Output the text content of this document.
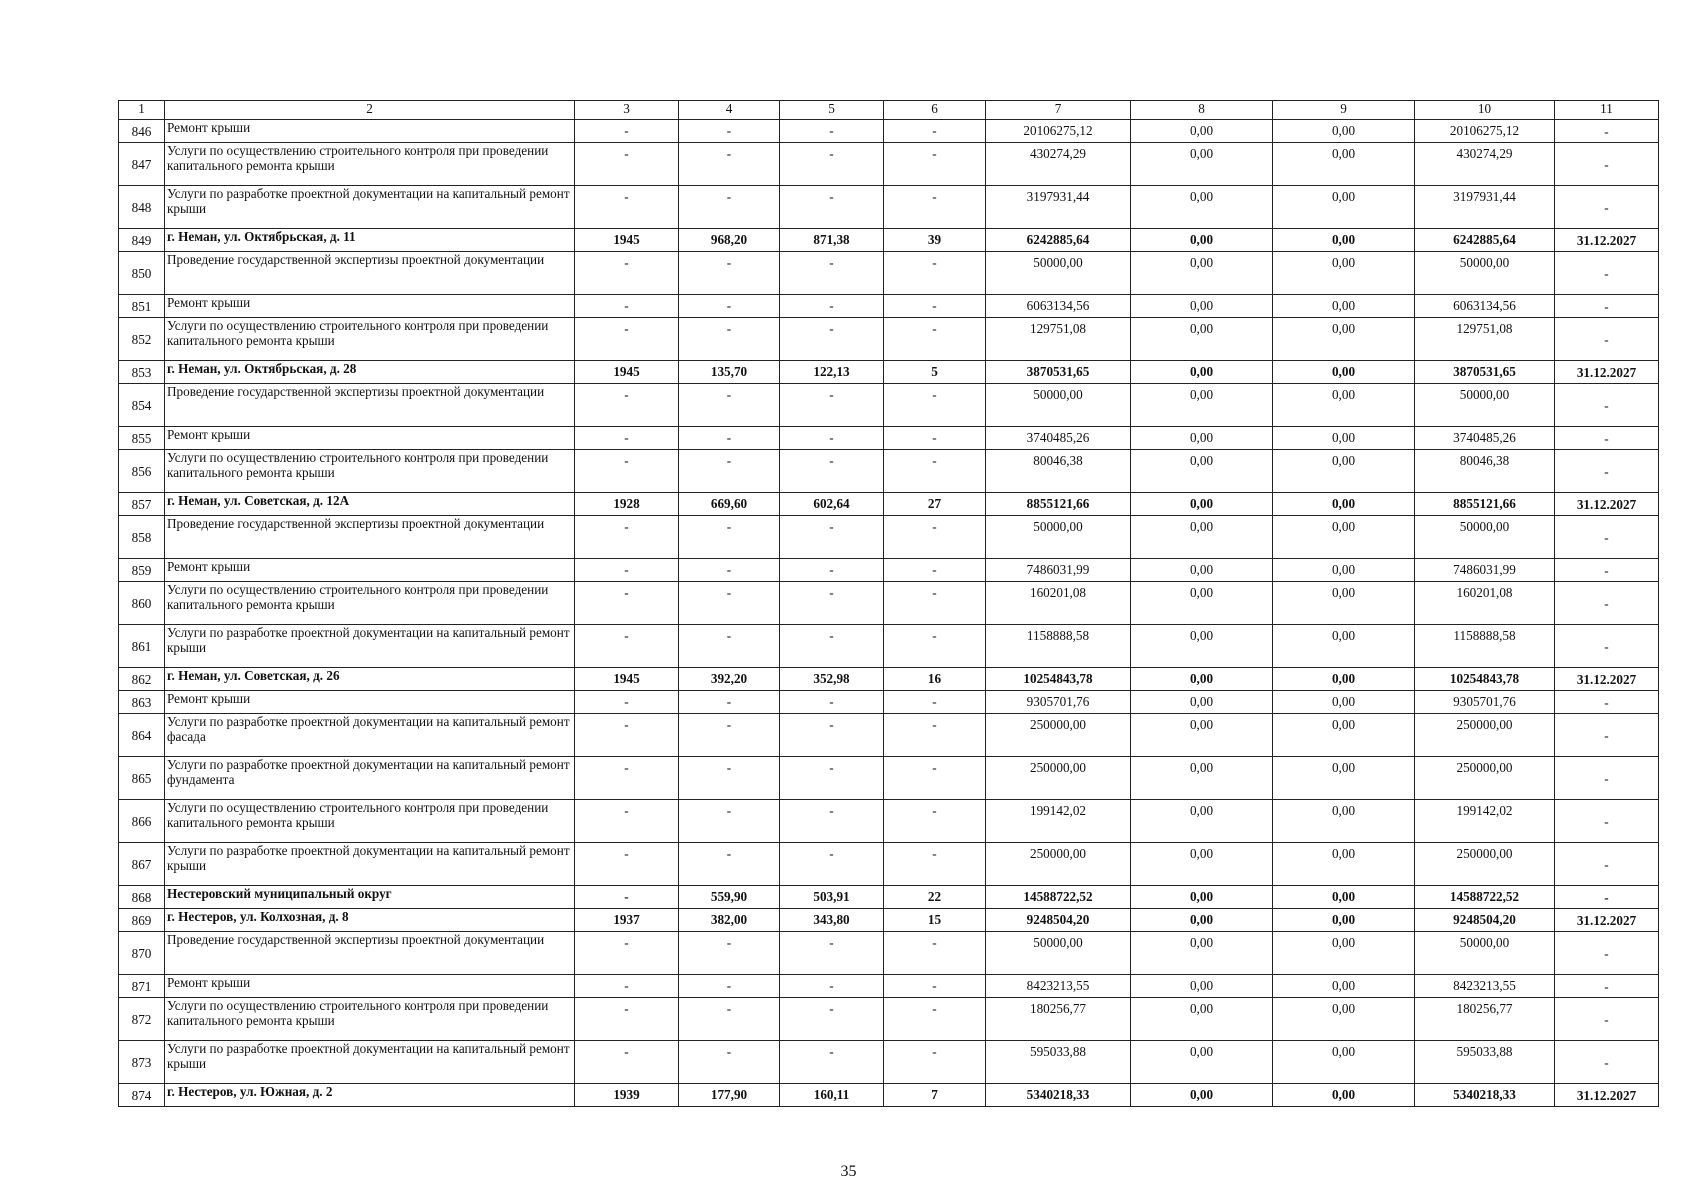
1	2	3	4	5	6	7	8	9	10	11
846	Ремонт крыши	-	-	-	-	20106275,12	0,00	0,00	20106275,12	-
847	Услуги по осуществлению строительного контроля при проведении капитального ремонта крыши	-	-	-	-	430274,29	0,00	0,00	430274,29	-
848	Услуги по разработке проектной документации на капитальный ремонт крыши	-	-	-	-	3197931,44	0,00	0,00	3197931,44	-
849	г. Неман, ул. Октябрьская, д. 11	1945	968,20	871,38	39	6242885,64	0,00	0,00	6242885,64	31.12.2027
850	Проведение государственной экспертизы проектной документации	-	-	-	-	50000,00	0,00	0,00	50000,00	-
851	Ремонт крыши	-	-	-	-	6063134,56	0,00	0,00	6063134,56	-
852	Услуги по осуществлению строительного контроля при проведении капитального ремонта крыши	-	-	-	-	129751,08	0,00	0,00	129751,08	-
853	г. Неман, ул. Октябрьская, д. 28	1945	135,70	122,13	5	3870531,65	0,00	0,00	3870531,65	31.12.2027
854	Проведение государственной экспертизы проектной документации	-	-	-	-	50000,00	0,00	0,00	50000,00	-
855	Ремонт крыши	-	-	-	-	3740485,26	0,00	0,00	3740485,26	-
856	Услуги по осуществлению строительного контроля при проведении капитального ремонта крыши	-	-	-	-	80046,38	0,00	0,00	80046,38	-
857	г. Неман, ул. Советская, д. 12А	1928	669,60	602,64	27	8855121,66	0,00	0,00	8855121,66	31.12.2027
858	Проведение государственной экспертизы проектной документации	-	-	-	-	50000,00	0,00	0,00	50000,00	-
859	Ремонт крыши	-	-	-	-	7486031,99	0,00	0,00	7486031,99	-
860	Услуги по осуществлению строительного контроля при проведении капитального ремонта крыши	-	-	-	-	160201,08	0,00	0,00	160201,08	-
861	Услуги по разработке проектной документации на капитальный ремонт крыши	-	-	-	-	1158888,58	0,00	0,00	1158888,58	-
862	г. Неман, ул. Советская, д. 26	1945	392,20	352,98	16	10254843,78	0,00	0,00	10254843,78	31.12.2027
863	Ремонт крыши	-	-	-	-	9305701,76	0,00	0,00	9305701,76	-
864	Услуги по разработке проектной документации на капитальный ремонт фасада	-	-	-	-	250000,00	0,00	0,00	250000,00	-
865	Услуги по разработке проектной документации на капитальный ремонт фундамента	-	-	-	-	250000,00	0,00	0,00	250000,00	-
866	Услуги по осуществлению строительного контроля при проведении капитального ремонта крыши	-	-	-	-	199142,02	0,00	0,00	199142,02	-
867	Услуги по разработке проектной документации на капитальный ремонт крыши	-	-	-	-	250000,00	0,00	0,00	250000,00	-
868	Нестеровский муниципальный округ	-	559,90	503,91	22	14588722,52	0,00	0,00	14588722,52	-
869	г. Нестеров, ул. Колхозная, д. 8	1937	382,00	343,80	15	9248504,20	0,00	0,00	9248504,20	31.12.2027
870	Проведение государственной экспертизы проектной документации	-	-	-	-	50000,00	0,00	0,00	50000,00	-
871	Ремонт крыши	-	-	-	-	8423213,55	0,00	0,00	8423213,55	-
872	Услуги по осуществлению строительного контроля при проведении капитального ремонта крыши	-	-	-	-	180256,77	0,00	0,00	180256,77	-
873	Услуги по разработке проектной документации на капитальный ремонт крыши	-	-	-	-	595033,88	0,00	0,00	595033,88	-
874	г. Нестеров, ул. Южная, д. 2	1939	177,90	160,11	7	5340218,33	0,00	0,00	5340218,33	31.12.2027
35
